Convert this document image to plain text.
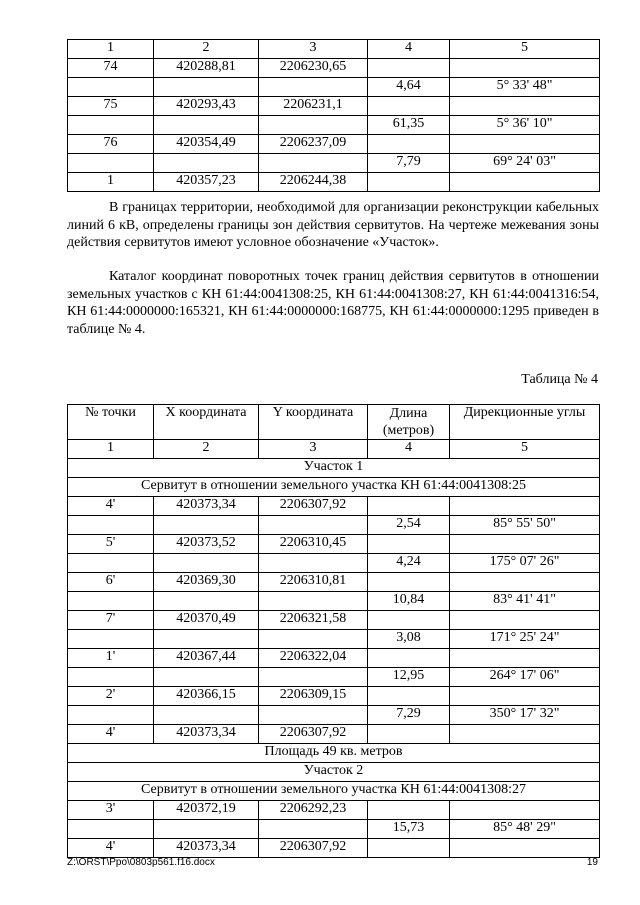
1	2	3	4	5
74	420288,81	2206230,65		
			4,64	5° 33' 48"
75	420293,43	2206231,1		
			61,35	5° 36' 10"
76	420354,49	2206237,09		
			7,79	69° 24' 03"
1	420357,23	2206244,38		

В границах территории, необходимой для организации реконструкции кабельных линий 6 кВ, определены границы зон действия сервитутов. На чертеже межевания зоны действия сервитутов имеют условное обозначение «Участок».

Каталог координат поворотных точек границ действия сервитутов в отношении земельных участков с КН 61:44:0041308:25, КН 61:44:0041308:27, КН 61:44:0041316:54, КН 61:44:0000000:165321, КН 61:44:0000000:168775, КН 61:44:0000000:1295 приведен в таблице № 4.

Таблица № 4
№ точки	X координата	Y координата	Длина (метров)	Дирекционные углы
1	2	3	4	5
Участок 1				
Сервитут в отношении земельного участка КН 61:44:0041308:25				
4'	420373,34	2206307,92		
			2,54	85° 55' 50"
5'	420373,52	2206310,45		
			4,24	175° 07' 26"
6'	420369,30	2206310,81		
			10,84	83° 41' 41"
7'	420370,49	2206321,58		
			3,08	171° 25' 24"
1'	420367,44	2206322,04		
			12,95	264° 17' 06"
2'	420366,15	2206309,15		
			7,29	350° 17' 32"
4'	420373,34	2206307,92		
Площадь 49 кв. метров				
Участок 2				
Сервитут в отношении земельного участка КН 61:44:0041308:27				
3'	420372,19	2206292,23		
			15,73	85° 48' 29"
4'	420373,34	2206307,92		
Z:\ORST\Ppo\0803p561.f16.docx	19
